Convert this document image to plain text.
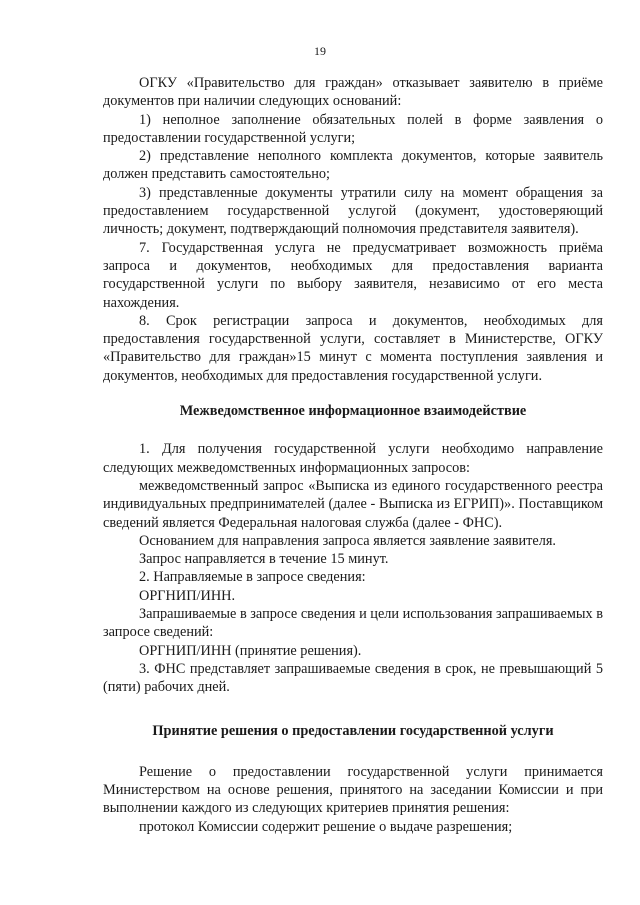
19

ОГКУ «Правительство для граждан» отказывает заявителю в приёме документов при наличии следующих оснований:

1) неполное заполнение обязательных полей в форме заявления о предоставлении государственной услуги;

2) представление неполного комплекта документов, которые заявитель должен представить самостоятельно;

3) представленные документы утратили силу на момент обращения за предоставлением государственной услугой (документ, удостоверяющий личность; документ, подтверждающий полномочия представителя заявителя).

7. Государственная услуга не предусматривает возможность приёма запроса и документов, необходимых для предоставления варианта государственной услуги по выбору заявителя, независимо от его места нахождения.

8. Срок регистрации запроса и документов, необходимых для предоставления государственной услуги, составляет в Министерстве, ОГКУ «Правительство для граждан»15 минут с момента поступления заявления и документов, необходимых для предоставления государственной услуги.

Межведомственное информационное взаимодействие

1. Для получения государственной услуги необходимо направление следующих межведомственных информационных запросов:

межведомственный запрос «Выписка из единого государственного реестра индивидуальных предпринимателей (далее - Выписка из ЕГРИП)». Поставщиком сведений является Федеральная налоговая служба (далее - ФНС).

Основанием для направления запроса является заявление заявителя.

Запрос направляется в течение 15 минут.

2. Направляемые в запросе сведения:

ОРГНИП/ИНН.

Запрашиваемые в запросе сведения и цели использования запрашиваемых в запросе сведений:

ОРГНИП/ИНН (принятие решения).

3. ФНС представляет запрашиваемые сведения в срок, не превышающий 5 (пяти) рабочих дней.

Принятие решения о предоставлении государственной услуги

Решение о предоставлении государственной услуги принимается Министерством на основе решения, принятого на заседании Комиссии и при выполнении каждого из следующих критериев принятия решения:

протокол Комиссии содержит решение о выдаче разрешения;
